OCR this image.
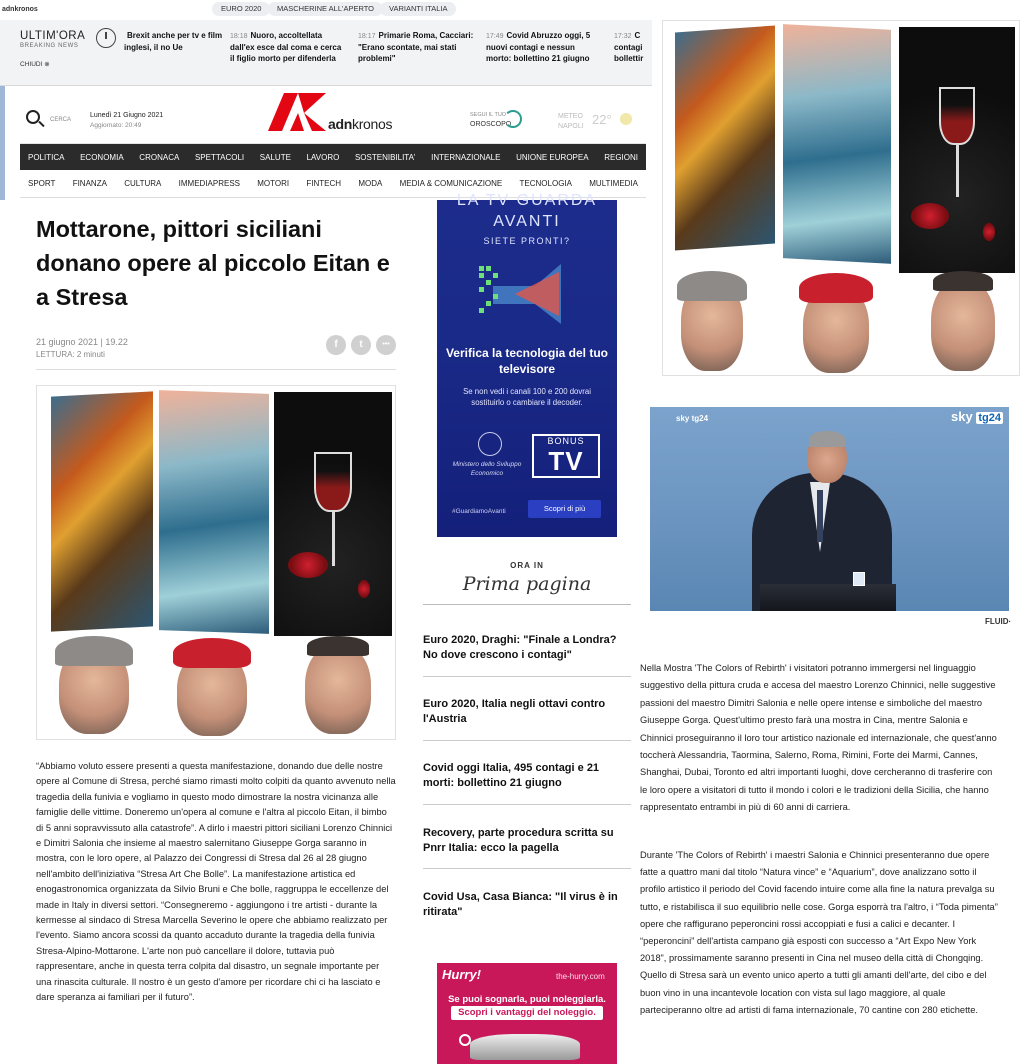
adnkronos	EURO 2020	MASCHERINE ALL'APERTO	VARIANTI ITALIA
ULTIM'ORA
BREAKING NEWS
CHIUDI ⊗
Brexit anche per tv e film inglesi, il no Ue
18:18 Nuoro, accoltellata dall'ex esce dal coma e cerca il figlio morto per difenderla
18:17 Primarie Roma, Cacciari: "Erano scontate, mai stati problemi"
17:49 Covid Abruzzo oggi, 5 nuovi contagi e nessun morto: bollettino 21 giugno
17:32 C contagi bollettir
CERCA
Lunedì 21 Giugno 2021
Aggiornato: 20:49	adnkronos
SEGUI IL TUO
OROSCOPO
METEO
NAPOLI 22°
POLITICA ECONOMIA CRONACA SPETTACOLI SALUTE LAVORO SOSTENIBILITA' INTERNAZIONALE UNIONE EUROPEA REGIONI
SPORT FINANZA CULTURA IMMEDIAPRESS MOTORI FINTECH MODA MEDIA & COMUNICAZIONE TECNOLOGIA MULTIMEDIA
Mottarone, pittori siciliani donano opere al piccolo Eitan e a Stresa
21 giugno 2021 | 19.22
LETTURA: 2 minuti
f	t	•••
“Abbiamo voluto essere presenti a questa manifestazione, donando due delle nostre opere al Comune di Stresa, perché siamo rimasti molto colpiti da quanto avvenuto nella tragedia della funivia e vogliamo in questo modo dimostrare la nostra vicinanza alle famiglie delle vittime. Doneremo un'opera al comune e l'altra al piccolo Eitan, il bimbo di 5 anni sopravvissuto alla catastrofe”. A dirlo i maestri pittori siciliani Lorenzo Chinnici e Dimitri Salonia che insieme al maestro salernitano Giuseppe Gorga saranno in mostra, con le loro opere, al Palazzo dei Congressi di Stresa dal 26 al 28 giugno nell'ambito dell'iniziativa “Stresa Art Che Bolle”. La manifestazione artistica ed enogastronomica organizzata da Silvio Bruni e Che bolle, raggruppa le eccellenze del made in Italy in diversi settori. “Consegneremo - aggiungono i tre artisti - durante la kermesse al sindaco di Stresa Marcella Severino le opere che abbiamo realizzato per l'evento. Siamo ancora scossi da quanto accaduto durante la tragedia della funivia Stresa-Alpino-Mottarone. L'arte non può cancellare il dolore, tuttavia può rappresentare, anche in questa terra colpita dal disastro, un segnale importante per una rinascita culturale. Il nostro è un gesto d'amore per ricordare chi ci ha lasciato e dare speranza ai familiari per il futuro”.
LA TV GUARDA
AVANTI
SIETE PRONTI?
Verifica la tecnologia del tuo televisore
Se non vedi i canali 100 e 200 dovrai sostituirlo o cambiare il decoder.
Ministero dello Sviluppo Economico
BONUS
TV
#GuardiamoAvanti	Scopri di più
ORA IN
Prima pagina
Euro 2020, Draghi: "Finale a Londra? No dove crescono i contagi"
Euro 2020, Italia negli ottavi contro l'Austria
Covid oggi Italia, 495 contagi e 21 morti: bollettino 21 giugno
Recovery, parte procedura scritta su Pnrr Italia: ecco la pagella
Covid Usa, Casa Bianca: "Il virus è in ritirata"
Hurry!	the-hurry.com
Se puoi sognarla, puoi noleggiarla.
Scopri i vantaggi del noleggio.
sky tg24	sky tg24
FLUID·
Nella Mostra 'The Colors of Rebirth' i visitatori potranno immergersi nel linguaggio suggestivo della pittura cruda e accesa del maestro Lorenzo Chinnici, nelle suggestive passioni del maestro Dimitri Salonia e nelle opere intense e simboliche del maestro Giuseppe Gorga. Quest'ultimo presto farà una mostra in Cina, mentre Salonia e Chinnici proseguiranno il loro tour artistico nazionale ed internazionale, che quest'anno toccherà Alessandria, Taormina, Salerno, Roma, Rimini, Forte dei Marmi, Cannes, Shanghai, Dubai, Toronto ed altri importanti luoghi, dove cercheranno di trasferire con le loro opere a visitatori di tutto il mondo i colori e le tradizioni della Sicilia, che hanno rappresentato entrambi in più di 60 anni di carriera.
Durante 'The Colors of Rebirth' i maestri Salonia e Chinnici presenteranno due opere fatte a quattro mani dal titolo “Natura vince” e “Aquarium”, dove analizzano sotto il profilo artistico il periodo del Covid facendo intuire come alla fine la natura prevalga su tutto, e ristabilisca il suo equilibrio nelle cose. Gorga esporrà tra l'altro, i “Toda pimenta” opere che raffigurano peperoncini rossi accoppiati e fusi a calici e decanter. I “peperoncini” dell'artista campano già esposti con successo a “Art Expo New York 2018”, prossimamente saranno presenti in Cina nel museo della città di Chongqing. Quello di Stresa sarà un evento unico aperto a tutti gli amanti dell'arte, del cibo e del buon vino in una incantevole location con vista sul lago maggiore, al quale parteciperanno oltre ad artisti di fama internazionale, 70 cantine con 280 etichette.
